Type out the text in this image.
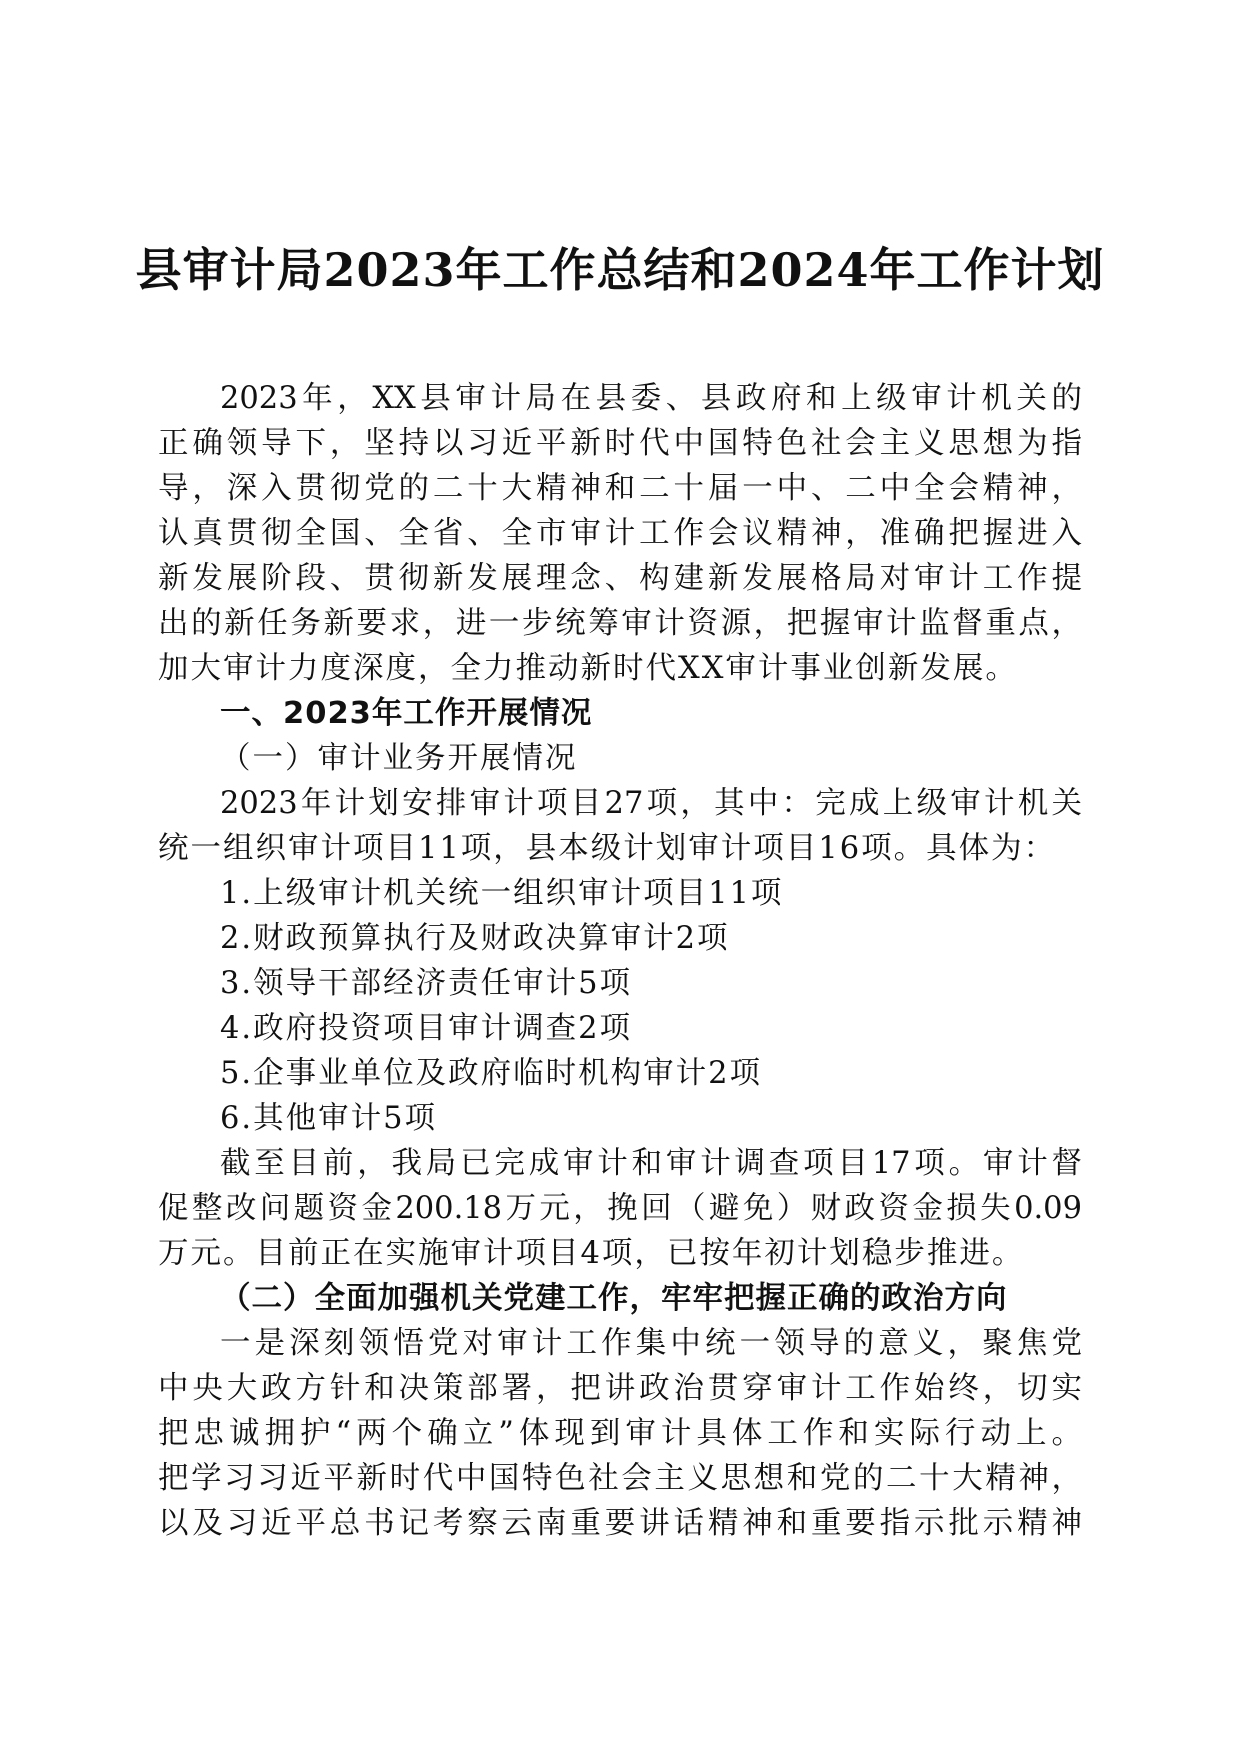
县审计局2023年工作总结和2024年工作计划
2023年，XX县审计局在县委、县政府和上级审计机关的
正确领导下，坚持以习近平新时代中国特色社会主义思想为指
导，深入贯彻党的二十大精神和二十届一中、二中全会精神，
认真贯彻全国、全省、全市审计工作会议精神，准确把握进入
新发展阶段、贯彻新发展理念、构建新发展格局对审计工作提
出的新任务新要求，进一步统筹审计资源，把握审计监督重点，
加大审计力度深度，全力推动新时代XX审计事业创新发展。
一、2023年工作开展情况
（一）审计业务开展情况
2023年计划安排审计项目27项，其中：完成上级审计机关
统一组织审计项目11项，县本级计划审计项目16项。具体为：
1.上级审计机关统一组织审计项目11项
2.财政预算执行及财政决算审计2项
3.领导干部经济责任审计5项
4.政府投资项目审计调查2项
5.企事业单位及政府临时机构审计2项
6.其他审计5项
截至目前，我局已完成审计和审计调查项目17项。审计督
促整改问题资金200.18万元，挽回（避免）财政资金损失0.09
万元。目前正在实施审计项目4项，已按年初计划稳步推进。
（二）全面加强机关党建工作，牢牢把握正确的政治方向
一是深刻领悟党对审计工作集中统一领导的意义，聚焦党
中央大政方针和决策部署，把讲政治贯穿审计工作始终，切实
把忠诚拥护“两个确立”体现到审计具体工作和实际行动上。
把学习习近平新时代中国特色社会主义思想和党的二十大精神，
以及习近平总书记考察云南重要讲话精神和重要指示批示精神
